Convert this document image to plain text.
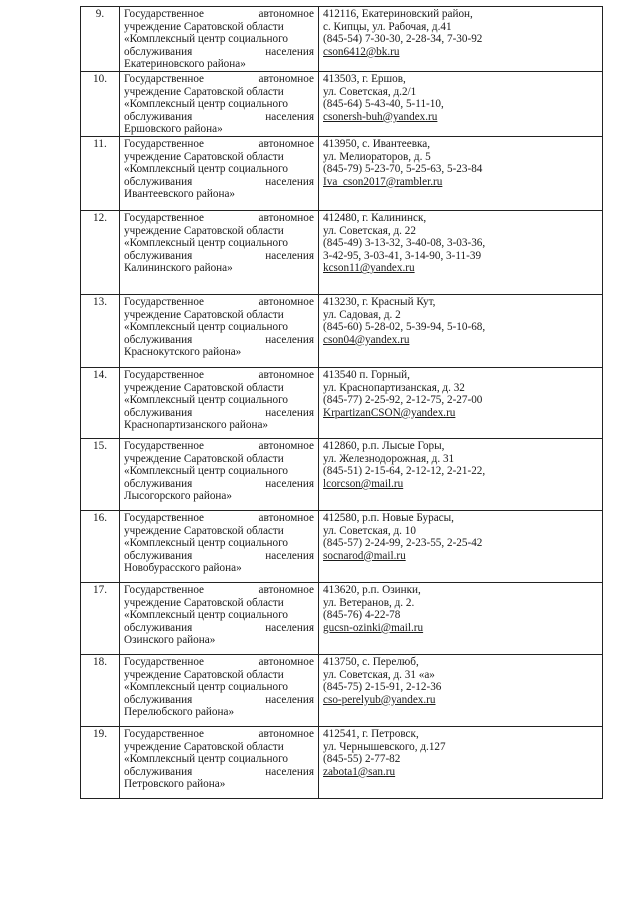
9.	Государственное автономное
учреждение Саратовской области
«Комплексный центр социального
обслуживания населения
Екатериновского района»	412116, Екатериновский район,
с. Кипцы, ул. Рабочая, д.41
(845-54) 7-30-30, 2-28-34, 7-30-92
cson6412@bk.ru

10.	Государственное автономное
учреждение Саратовской области
«Комплексный центр социального
обслуживания населения
Ершовского района»	413503, г. Ершов,
ул. Советская, д.2/1
(845-64) 5-43-40, 5-11-10,
csonersh-buh@yandex.ru

11.	Государственное автономное
учреждение Саратовской области
«Комплексный центр социального
обслуживания населения
Ивантеевского района»	413950, с. Ивантеевка,
ул. Мелиораторов, д. 5
(845-79) 5-23-70, 5-25-63, 5-23-84
Iva_cson2017@rambler.ru

12.	Государственное автономное
учреждение Саратовской области
«Комплексный центр социального
обслуживания населения
Калининского района»	412480, г. Калининск,
ул. Советская, д. 22
(845-49) 3-13-32, 3-40-08, 3-03-36,
3-42-95, 3-03-41, 3-14-90, 3-11-39
kcson11@yandex.ru

13.	Государственное автономное
учреждение Саратовской области
«Комплексный центр социального
обслуживания населения
Краснокутского района»	413230, г. Красный Кут,
ул. Садовая, д. 2
(845-60) 5-28-02, 5-39-94, 5-10-68,
cson04@yandex.ru

14.	Государственное автономное
учреждение Саратовской области
«Комплексный центр социального
обслуживания населения
Краснопартизанского района»	413540 п. Горный,
ул. Краснопартизанская, д. 32
(845-77) 2-25-92, 2-12-75, 2-27-00
KrpartizanCSON@yandex.ru

15.	Государственное автономное
учреждение Саратовской области
«Комплексный центр социального
обслуживания населения
Лысогорского района»	412860, р.п. Лысые Горы,
ул. Железнодорожная, д. 31
(845-51) 2-15-64, 2-12-12, 2-21-22,
lcorcson@mail.ru

16.	Государственное автономное
учреждение Саратовской области
«Комплексный центр социального
обслуживания населения
Новобурасского района»	412580, р.п. Новые Бурасы,
ул. Советская, д. 10
(845-57) 2-24-99, 2-23-55, 2-25-42
socnarod@mail.ru

17.	Государственное автономное
учреждение Саратовской области
«Комплексный центр социального
обслуживания населения
Озинского района»	413620, р.п. Озинки,
ул. Ветеранов, д. 2.
(845-76) 4-22-78
gucsn-ozinki@mail.ru

18.	Государственное автономное
учреждение Саратовской области
«Комплексный центр социального
обслуживания населения
Перелюбского района»	413750, с. Перелюб,
ул. Советская, д. 31 «а»
(845-75) 2-15-91, 2-12-36
cso-perelyub@yandex.ru

19.	Государственное автономное
учреждение Саратовской области
«Комплексный центр социального
обслуживания населения
Петровского района»	412541, г. Петровск,
ул. Чернышевского, д.127
(845-55) 2-77-82
zabota1@san.ru
